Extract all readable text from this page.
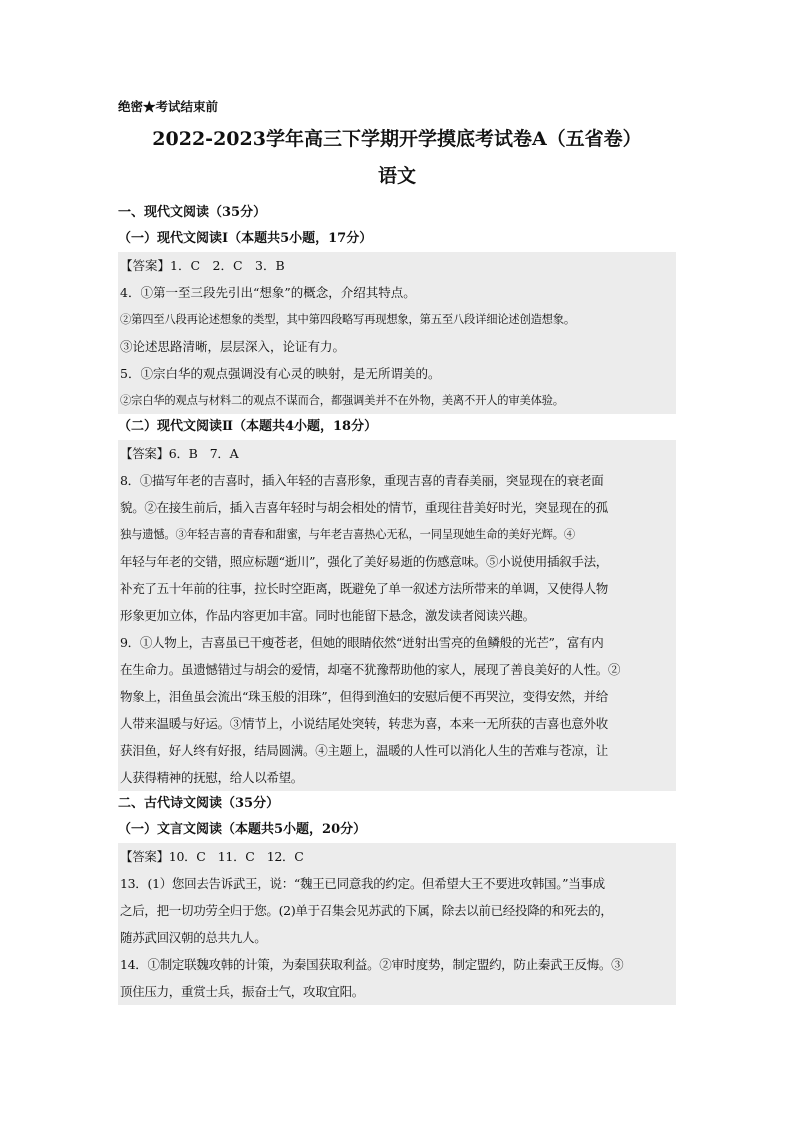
绝密★考试结束前
2022-2023学年高三下学期开学摸底考试卷A（五省卷）
语文
一、现代文阅读（35分）
（一）现代文阅读Ⅰ（本题共5小题，17分）

【答案】1．C　2．C　3．B

4．①第一至三段先引出“想象”的概念，介绍其特点。

②第四至八段再论述想象的类型，其中第四段略写再现想象，第五至八段详细论述创造想象。

③论述思路清晰，层层深入，论证有力。

5．①宗白华的观点强调没有心灵的映射，是无所谓美的。

②宗白华的观点与材料二的观点不谋而合，都强调美并不在外物，美离不开人的审美体验。

（二）现代文阅读Ⅱ（本题共4小题，18分）

【答案】6．B　7．A

8．①描写年老的吉喜时，插入年轻的吉喜形象，重现吉喜的青春美丽，突显现在的衰老面

貌。②在接生前后，插入吉喜年轻时与胡会相处的情节，重现往昔美好时光，突显现在的孤

独与遗憾。③年轻吉喜的青春和甜蜜，与年老吉喜热心无私，一同呈现她生命的美好光辉。④

年轻与年老的交错，照应标题“逝川”，强化了美好易逝的伤感意味。⑤小说使用插叙手法，

补充了五十年前的往事，拉长时空距离，既避免了单一叙述方法所带来的单调，又使得人物

形象更加立体，作品内容更加丰富。同时也能留下悬念，激发读者阅读兴趣。

9．①人物上，吉喜虽已干瘦苍老，但她的眼睛依然“迸射出雪亮的鱼鳞般的光芒”，富有内

在生命力。虽遗憾错过与胡会的爱情，却毫不犹豫帮助他的家人，展现了善良美好的人性。②

物象上，泪鱼虽会流出“珠玉般的泪珠”，但得到渔妇的安慰后便不再哭泣，变得安然，并给

人带来温暖与好运。③情节上，小说结尾处突转，转悲为喜，本来一无所获的吉喜也意外收

获泪鱼，好人终有好报，结局圆满。④主题上，温暖的人性可以消化人生的苦难与苍凉，让

人获得精神的抚慰，给人以希望。

二、古代诗文阅读（35分）
（一）文言文阅读（本题共5小题，20分）

【答案】10．C　11．C　12．C

13．(1）您回去告诉武王，说：“魏王已同意我的约定。但希望大王不要进攻韩国。”当事成

之后，把一切功劳全归于您。(2)单于召集会见苏武的下属，除去以前已经投降的和死去的，

随苏武回汉朝的总共九人。

14．①制定联魏攻韩的计策，为秦国获取利益。②审时度势，制定盟约，防止秦武王反悔。③

顶住压力，重赏士兵，振奋士气，攻取宜阳。
